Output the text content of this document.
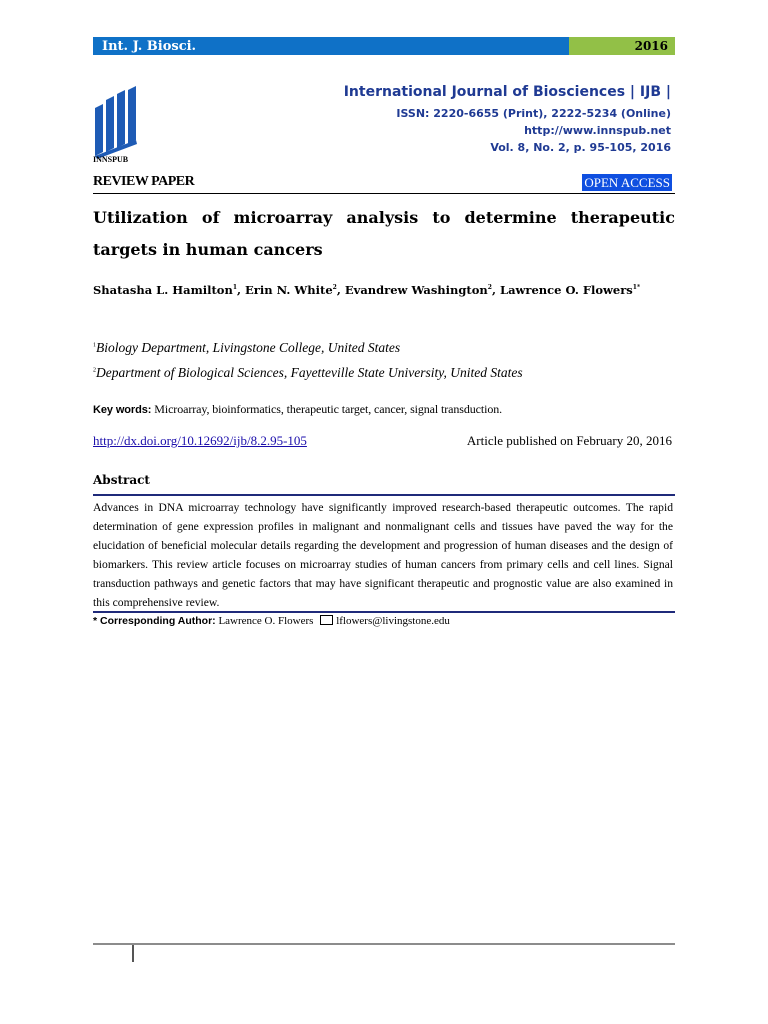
Int. J. Biosci.	2016
INNSPUB
International Journal of Biosciences | IJB |
ISSN: 2220-6655 (Print), 2222-5234 (Online)
http://www.innspub.net
Vol. 8, No. 2, p. 95-105, 2016
REVIEW PAPER	OPEN ACCESS
Utilization of microarray analysis to determine therapeutic targets in human cancers
Shatasha L. Hamilton$^1$, Erin N. White$^2$, Evandrew Washington$^2$, Lawrence O. Flowers$^{1*}$
$^1$Biology Department, Livingstone College, United States
$^2$Department of Biological Sciences, Fayetteville State University, United States
Key words: Microarray, bioinformatics, therapeutic target, cancer, signal transduction.
http://dx.doi.org/10.12692/ijb/8.2.95-105	Article published on February 20, 2016
Abstract
Advances in DNA microarray technology have significantly improved research-based therapeutic outcomes. The rapid determination of gene expression profiles in malignant and nonmalignant cells and tissues have paved the way for the elucidation of beneficial molecular details regarding the development and progression of human diseases and the design of biomarkers. This review article focuses on microarray studies of human cancers from primary cells and cell lines. Signal transduction pathways and genetic factors that may have significant therapeutic and prognostic value are also examined in this comprehensive review.
* Corresponding Author: Lawrence O. Flowers lflowers@livingstone.edu
